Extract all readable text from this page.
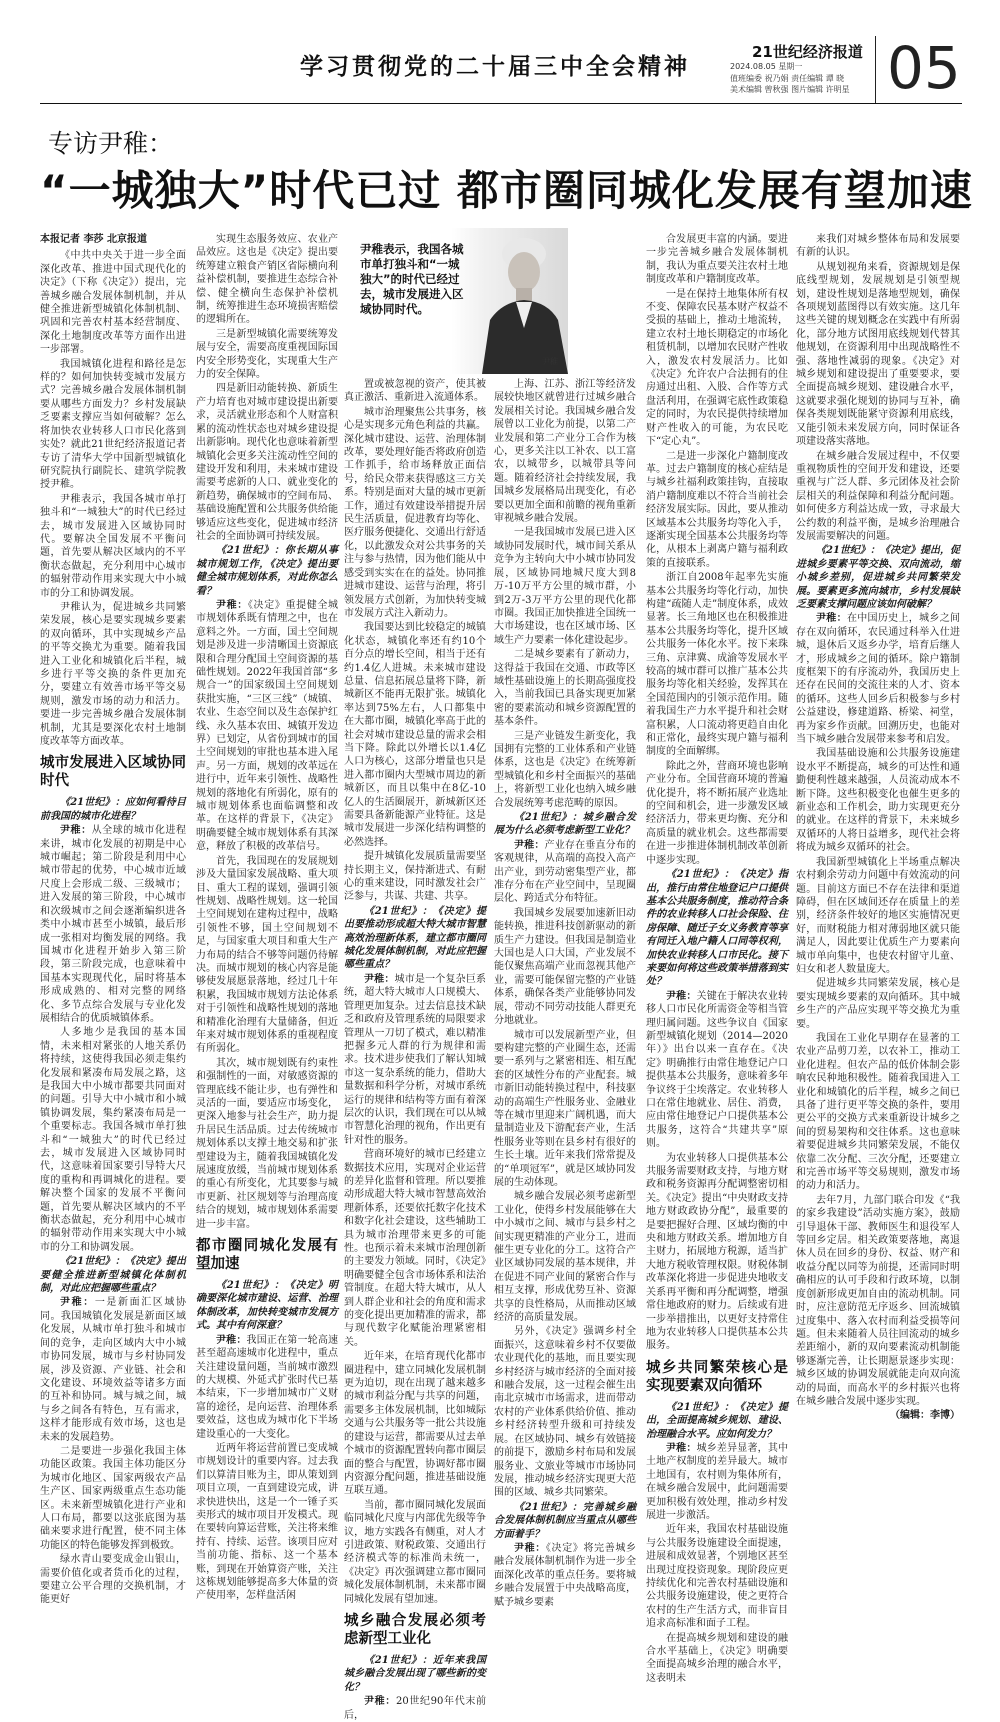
学习贯彻党的二十届三中全会精神
21世纪经济报道
2024.08.05 星期一
值班编委 祝乃娟 责任编辑 谭 晓
美术编辑 曾秋强 图片编辑 许明星 05
专访尹稚：
“一城独大”时代已过 都市圈同城化发展有望加速

本报记者 李莎 北京报道

《中共中央关于进一步全面深化改革、推进中国式现代化的决定》（下称《决定》）提出，完善城乡融合发展体制机制，并从健全推进新型城镇化体制机制、巩固和完善农村基本经营制度、深化土地制度改革等方面作出进一步部署。

我国城镇化进程和路径是怎样的？如何加快转变城市发展方式？完善城乡融合发展体制机制要从哪些方面发力？乡村发展缺乏要素支撑应当如何破解？怎么将加快农业转移人口市民化落到实处？就此21世纪经济报道记者专访了清华大学中国新型城镇化研究院执行副院长、建筑学院教授尹稚。

尹稚表示，我国各城市单打独斗和“一城独大”的时代已经过去，城市发展进入区域协同时代。要解决全国发展不平衡问题，首先要从解决区域内的不平衡状态做起，充分利用中心城市的辐射带动作用来实现大中小城市的分工和协调发展。

尹稚认为，促进城乡共同繁荣发展，核心是要实现城乡要素的双向循环，其中实现城乡产品的平等交换尤为重要。随着我国进入工业化和城镇化后半程，城乡进行平等交换的条件更加充分，要建立有效善市场平等交易规则，激发市场的动力和活力。要进一步完善城乡融合发展体制机制，尤其是要深化农村土地制度改革等方面改革。

城市发展进入区域协同时代

《21世纪》：应如何看待目前我国的城市化进程？

尹稚：从全球的城市化进程来讲，城市化发展的初期是中心城市崛起；第二阶段是利用中心城市带起的优势，中心城市近域尺度上会形成二级、三级城市；进入发展的第三阶段，中心城市和次级城市之间会逐渐编织进各类中小城市甚至小城镇，最后形成一张相对均衡发展的网络。我国城市化进程开始步入第三阶段，第三阶段完成，也意味着中国基本实现现代化，届时将基本形成成熟的、相对完整的网络化、多节点综合发展与专业化发展相结合的优质城镇体系。

人多地少是我国的基本国情，未来相对紧张的人地关系仍将持续，这使得我国必须走集约化发展和紧凑布局发展之路，这是我国大中小城市都要共同面对的问题。引导大中小城市和小城镇协调发展，集约紧凑布局是一个重要标志。我国各城市单打独斗和“一城独大”的时代已经过去，城市发展进入区域协同时代，这意味着国家要引导特大尺度的重构和再调城化的进程。要解决整个国家的发展不平衡问题，首先要从解决区域内的不平衡状态做起，充分利用中心城市的辐射带动作用来实现大中小城市的分工和协调发展。

《21世纪》：《决定》提出要健全推进新型城镇化体制机制，对此应把握哪些重点？

尹稚：一是新面汇区域协同。我国城镇化发展是新面区域化发展，从城市单打独斗和城市间的竞争，走向区域内大中小城市协同发展，城市与乡村协同发展，涉及资源、产业链、社会和文化建设、环境效益等诸多方面的互补和协同。城与城之间，城与乡之间各有特色，互有需求，这样才能形成有效市场，这也是未来的发展趋势。

二是要进一步强化我国主体功能区政策。我国主体功能区分为城市化地区、国家两级农产品生产区、国家两级重点生态功能区。未来新型城镇化进行产业和人口布局，都要以这张底图为基础来要求进行配置，使不同主体功能区的特色能够发挥到极致。

绿水青山要变成金山银山，需要价值化或者货币化的过程，要建立公平合理的交换机制，才能更好

实现生态服务效应、农业产品效应。这也是《决定》提出要统筹建立粮食产销区省际横向利益补偿机制，要推进生态综合补偿、健全横向生态保护补偿机制，统筹推进生态环境损害赔偿的逻辑所在。

三是新型城镇化需要统筹发展与安全，需要高度重视国际国内安全形势变化，实现重大生产力的安全保障。

四是新旧动能转换、新质生产力培育也对城市建设提出新要求，灵活就业形态和个人财富积累的流动性状态也对城乡建设提出新影响。现代化也意味着新型城镇化会更多关注流动性空间的建设开发和利用，未来城市建设需要考虑新的人口、就业变化的新趋势，确保城市的空间布局、基础设施配置和公共服务供给能够适应这些变化，促进城市经济社会的全面协调可持续发展。

《21世纪》：你长期从事城市规划工作，《决定》提出要健全城市规划体系，对此你怎么看？

尹稚：《决定》重提健全城市规划体系既有情理之中，也在意料之外。一方面，国土空间规划是涉及进一步清晰国土资源底限和合理分配国土空间资源的基础性规划。2022年我国首部“多规合一”的国家级国土空间规划获批实施，“三区三线”（城镇、农业、生态空间以及生态保护红线、永久基本农田、城镇开发边界）已划定，从省份到城市的国土空间规划的审批也基本进入尾声。另一方面，规划的改革远在进行中，近年来引领性、战略性规划的落地化有所弱化，原有的城市规划体系也面临调整和改革。在这样的背景下，《决定》明确要健全城市规划体系有其深意，释放了积极的改革信号。

首先，我国现在的发展规划涉及大量国家发展战略、重大项目、重大工程的谋划，强调引领性规划、战略性规划。这一轮国土空间规划在建构过程中，战略引领性不够，国土空间规划不足，与国家重大项目和重大生产力布局的结合不够等问题仍待解决。而城市规划的核心内容是能够使发展愿景落地，经过几十年积累，我国城市规划方法论体系对于引领性和战略性规划的落地和精准化治理有大量储备，但近年来对城市规划体系的重视程度有所弱化。

其次，城市规划既有约束性和强制性的一面，对敏感资源的管理底线不能让步，也有弹性和灵活的一面，要适应市场变化，更深入地参与社会生产，助力提升居民生活品质。过去传统城市规划体系以支撑土地交易和扩张型建设为主，随着我国城镇化发展速度放缓，当前城市规划体系的重心有所变化，尤其要参与城市更新、社区规划等与治理高度结合的规划，城市规划体系需要进一步丰富。

都市圈同城化发展有望加速

《21世纪》：《决定》明确要深化城市建设、运营、治理体制改革，加快转变城市发展方式。其中有何深意？

尹稚：我国正在第一轮高速甚至超高速城市化进程中，重点关注建设量问题，当前城市激烈的大规模、外延式扩张时代已基本结束，下一步增加城市广义财富的途径，是向运营、治理体系要效益，这也成为城市化下半场建设重心的一大变化。

近两年将运营前置已变成城市规划设计的重要内容。过去我们以算清目账为主，即从策划到项目立项，一直到建设完成，讲求快进快出，这是一个一锤子买卖形式的城市项目开发模式。现在要转向算运营账，关注将来维持有、持续、运营。该项目应对当前功能、指标、这一个基本账，到现在开始算资产账，关注这栋规划能够提高多大体量的资产使用率，怎样盘活闲

尹稚表示，我国各城市单打独斗和“一城独大”的时代已经过去，城市发展进入区域协同时代。
尹稚

置或被忽视的资产，使其被真正激活、重新进入流通体系。

城市治理聚焦公共事务，核心是实现多元角色利益的共赢。深化城市建设、运营、治理体制改革，要处理好能否将政府创造工作抓手，给市场释放正面信号，给民众带来获得感这三方关系。特别是面对大量的城市更新工作，通过有效建设举措提升居民生活质量，促进教育均等化、医疗服务便捷化、交通出行舒适化，以此激发众对公共事务的关注与参与热情，因为他们能从中感受到实实在在的益处。协同推进城市建设、运营与治理，将引领发展方式创新，为加快转变城市发展方式注入新动力。

我国要达到比较稳定的城镇化状态，城镇化率还有约10个百分点的增长空间，相当于还有约1.4亿人进城。未来城市建设总量、信息拓展总量将下降，新城新区不能再无限扩张。城镇化率达到75%左右，人口都集中在大都市圈，城镇化率高于此的社会对城市建设总量的需求会相当下降。除此以外增长以1.4亿人口为核心，这部分增量也只是进入都市圈内大型城市周边的新城新区，而且以集中在8亿-10亿人的生活圈展开，新城新区还需要具备新能源产业特征。这是城市发展进一步深化结构调整的必然选择。

提升城镇化发展质量需要坚持长期主义，保持渐进式、有耐心的重来建设，同时激发社会广泛参与，共谋、共建、共享。

《21世纪》：《决定》提出要推动形成超大特大城市智慧高效治理新体系，建立都市圈同城化发展体制机制，对此应把握哪些重点？

尹稚：城市是一个复杂巨系统，超大特大城市人口规模大、管理更加复杂。过去信息技术缺乏和政府及管理系统的局限要求管理从一刀切了模式，难以精准把握多元人群的行为规律和需求。技术进步使我们了解认知城市这一复杂系统的能力，借助大量数据和科学分析，对城市系统运行的规律和结构等方面有着深层次的认识，我们现在可以从城市智慧化治理的视角，作出更有针对性的服务。

营商环境好的城市已经建立数据技术应用，实现对企业运营的差异化监督和管理。所以要推动形成超大特大城市智慧高效治理新体系，还要依托数字化技术和数字化社会建设，这些辅助工具为城市治理带来更多的可能性。也预示着未来城市治理创新的主要发力领域。同时，《决定》明确要健全包含市场体系和法治管制度。在超大特大城市，从人到人群企业和社会的角度和需求的变化提出更加精准的需求，都与现代数字化赋能治理紧密相关。

近年来，在培育现代化都市圈进程中，建立同城化发展机制更为迫切，现在出现了越来越多的城市利益分配与共享的问题，需要多主体发展机制，比如城际交通与公共服务等一批公共设施的建设与运营，都需要从过去单个城市的资源配置转向都市圈层面的整合与配置，协调好都市圈内资源分配问题，推进基础设施互联互通。

当前，都市圈同城化发展面临同城化尺度与内部优先级等争议，地方实践各有侧重，对人才引进政策、财税政策、交通出行经济模式等的标准尚未统一，《决定》再次强调建立都市圈同城化发展体制机制，未来都市圈同城化发展有望加速。

城乡融合发展必须考虑新型工业化

《21世纪》：近年来我国城乡融合发展出现了哪些新的变化？

尹稚：20世纪90年代末前后，

上海、江苏、浙江等经济发展较快地区就曾进行过城乡融合发展相关讨论。我国城乡融合发展曾以工业化为前提，以第二产业发展和第二产业分工合作为核心，更多关注以工补农、以工富农，以城带乡，以城带具等问题。随着经济社会持续发展，我国城乡发展格局出现变化，有必要以更加全面和前瞻的视角重新审视城乡融合发展。

一是我国城市发展已进入区域协同发展时代，城市间关系从竞争为主转向大中小城市协同发展，区域协同地城尺度大到8万-10万平方公里的城市群，小到2万-3万平方公里的现代化都市圈。我国正加快推进全国统一大市场建设，也在区域市场、区域生产力要素一体化建设起步。

二是城乡要素有了新动力，这得益于我国在交通、市政等区域性基础设施上的长期高强度投入，当前我国已具备实现更加紧密的要素流动和城乡资源配置的基本条件。

三是产业链发生新变化，我国拥有完整的工业体系和产业链体系，这也是《决定》在统筹新型城镇化和乡村全面振兴的基础上，将新型工业化也纳入城乡融合发展统筹考虑范畴的原因。

《21世纪》：城乡融合发展为什么必须考虑新型工业化？

尹稚：产业存在垂直分布的客观规律，从高端的高投入高产出产业，到劳动密集型产业，都准存分布在产业空间中，呈现圈层化、跨适式分布特征。

我国城乡发展要加速新旧动能转换，推进科技创新驱动的新质生产力建设。但我国是制造业大国也是人口大国，产业发展不能仅聚焦高端产业而忽视其他产业，需要可能保留完整的产业链体系，确保各类产业能够协同发展，带动不同劳动技能人群更充分地就业。

城市可以发展新型产业，但要构建完整的产业圈生态，还需要一系列与之紧密相连、相互配套的区域性分布的产业配套。城市新旧动能转换过程中，科技驱动的高端生产性服务业、金融业等在城市里迎来广阔机遇，而大量制造业及下游配套产业，生活性服务业等则在县乡村有很好的生长土壤。近年来我们常常提及的“单项冠军”，就是区域协同发展的生动体现。

城乡融合发展必须考虑新型工业化，使得乡村发展能够在大中小城市之间、城市与县乡村之间实现更精准的产业分工，进而催生更专业化的分工。这符合产业区域协同发展的基本规律，并在促进不同产业间的紧密合作与相互支撑，形成优势互补、资源共享的良性格局，从而推动区域经济的高质量发展。

另外，《决定》强调乡村全面振兴，这意味着乡村不仅要做农业现代化的基地，而且要实现乡村经济与城市经济的全面对接和融合发展，这一过程会催生出南北京城市市场需求，进而带动农村的产业体系供给价值、推动乡村经济转型升级和可持续发展。在区域协同、城乡有效链接的前提下，激励乡村布局和发展服务业、文旅业等城市市场协同发展，推动城乡经济实现更大范围的区域、城乡共同繁荣。

《21世纪》：完善城乡融合发展体制机制应当重点从哪些方面着手？

尹稚：《决定》将完善城乡融合发展体制机制作为进一步全面深化改革的重点任务。要将城乡融合发展置于中央战略高度，赋予城乡要素

合发展更丰富的内涵。要进一步完善城乡融合发展体制机制，我认为重点要关注农村土地制度改革和户籍制度改革。

一是在保持土地集体所有权不变、保障农民基本财产权益不受损的基础上，推动土地流转，建立农村土地长期稳定的市场化租赁机制，以增加农民财产性收入，激发农村发展活力。比如《决定》允许农户合法拥有的住房通过出租、入股、合作等方式盘活利用，在强调宅底性政策稳定的同时，为农民提供持续增加财产性收入的可能，为农民吃下“定心丸”。

二是进一步深化户籍制度改革。过去户籍制度的核心症结是与城乡社福利政策挂钩，直接取消户籍制度难以不符合当前社会经济发展实际。因此，要从推动区域基本公共服务均等化入手，逐渐实现全国基本公共服务均等化，从根本上剥离户籍与福利政策的直接联系。

浙江自2008年起率先实施基本公共服务均等化行动，加快构建“疏随人走”制度体系，成效显著。长三角地区也在积极推进基本公共服务均等化，提升区域公共服务一体化水平。按下来珠三角、京津冀、成渝等发展水平较高的城市群可以推广基本公共服务均等化相关经验，发挥其在全国范围内的引领示范作用。随着我国生产力水平提升和社会财富积累，人口流动将更趋自由化和正常化，最终实现户籍与福利制度的全面解绑。

除此之外，营商环境也影响产业分布。全国营商环境的普遍优化提升，将不断拓展产业选址的空间和机会，进一步激发区域经济活力，带来更均衡、充分和高质量的就业机会。这些都需要在进一步推进体制机制改革创新中逐步实现。

《21世纪》：《决定》指出，推行由常住地登记户口提供基本公共服务制度，推动符合条件的农业转移人口社会保险、住房保障、随迁子女义务教育等享有同迁入地户籍人口同等权利，加快农业转移人口市民化。接下来要如何将这些政策举措落到实处？

尹稚：关键在于解决农业转移人口市民化所需资金等相当管理归属问题。这些争议自《国家新型城镇化规划（2014—2020年）》出台以来一直存在。《决定》明确推行由常住地登记户口提供基本公共服务，意味着多年争议终于尘埃落定。农业转移人口在常住地就业、居住、消费，应由常住地登记户口提供基本公共服务，这符合“共建共享”原则。

为农业转移人口提供基本公共服务需要财政支持，与地方财政和税务资源再分配调整密切相关。《决定》提出“中央财政支持地方财政政协分配”，最重要的是要把握好合理、区域均衡的中央和地方财政关系。增加地方自主财力，拓展地方税源，适当扩大地方税收管理权限。财税体制改革深化将进一步促进央地收支关系再平衡和再分配调整，增强常住地政府的财力。后续或有进一步举措推出，以更好支持常住地为农业转移人口提供基本公共服务。

城乡共同繁荣核心是实现要素双向循环

《21世纪》：《决定》提出，全面提高城乡规划、建设、治理融合水平。应如何发力？

尹稚：城乡差异显著，其中土地产权制度的差异最大。城市土地国有，农村则为集体所有，在城乡融合发展中，此问题需要更加积极有效处理，推动乡村发展进一步激活。

近年来，我国农村基础设施与公共服务设施建设全面提速，进展和成效显著，个别地区甚至出现过度投资现象。现阶段应更持续优化和完善农村基础设施和公共服务设施建设，使之更符合农村的生产生活方式，而非盲目追求高标准和面子工程。

在提高城乡规划和建设的融合水平基础上，《决定》明确要全面提高城乡治理的融合水平，这表明未

来我们对城乡整体布局和发展要有新的认识。

从规划视角来看，资源规划是保底线型规划，发展规划是引领型规划，建设性规划是落地型规划，确保各项规划蓝图得以有效实施。这几年这些关键的规划概念在实践中有所弱化，部分地方试图用底线规划代替其他规划，在资源利用中出现战略性不强、落地性减弱的现象。《决定》对城乡规划和建设提出了重要要求，要全面提高城乡规划、建设融合水平，这就要求强化规划的协同与互补，确保各类规划既能紧守资源利用底线，又能引领未来发展方向，同时保证各项建设落实落地。

在城乡融合发展过程中，不仅要重视物质性的空间开发和建设，还要重视与广泛人群、多元团体及社会阶层相关的利益保障和利益分配问题。如何使多方利益达成一致，寻求最大公约数的利益平衡，是城乡治理融合发展需要解决的问题。

《21世纪》：《决定》提出，促进城乡要素平等交换、双向流动，缩小城乡差别，促进城乡共同繁荣发展。要素更多流向城市，乡村发展缺乏要素支撑问题应该如何破解？

尹稚：在中国历史上，城乡之间存在双向循环，农民通过科举入仕进城，退休后又返乡办学，培育后继人才，形成城乡之间的循环。除户籍制度框架下的有序流动外，我国历史上还存在民间的交流往来的人才、资本的循环。这些人回乡后积极参与乡村公益建设，修建道路、桥梁、祠堂，再为家乡作贡献。回溯历史，也能对当下城乡融合发展带来参考和启发。

我国基础设施和公共服务设施建设水平不断提高，城乡的可达性和通勤便利性越来越强，人员流动成本不断下降。这些积极变化也催生更多的新业态和工作机会，助力实现更充分的就业。在这样的背景下，未来城乡双循环的人将日益增多，现代社会将将成为城乡双循环的社会。

我国新型城镇化上半场重点解决农村剩余劳动力问题中有效流动的问题。目前这方面已不存在法律和渠道障碍，但在区域间还存在质量上的差别，经济条件较好的地区实施情况更好，而财税能力相对薄弱地区就只能满足人，因此要让优质生产力要素向城市单向集中，也使农村留守儿童、妇女和老人数量庞大。

促进城乡共同繁荣发展，核心是要实现城乡要素的双向循环。其中城乡生产的产品应实现平等交换尤为重要。

我国在工业化早期存在显著的工农业产品剪刀差，以农补工，推动工业化进程。但农产品的低价体制会影响农民种地积极性。随着我国进入工业化和城镇化的后半程，城乡之间已具备了进行更平等交换的条件，要用更公平的交换方式来重新设计城乡之间的贸易架构和交往体系。这也意味着要促进城乡共同繁荣发展，不能仅依靠二次分配、三次分配，还要建立和完善市场平等交易规则，激发市场的动力和活力。

去年7月，九部门联合印发《“我的家乡我建设”活动实施方案》，鼓励引导退休干部、教师医生和退役军人等回乡定居。相关政策要落地，离退休人员在回乡的身份、权益、财产和收益分配以同等为前提，还需同时明确相应的认可手段和行政环境，以制度创新形成更加自由的流动机制。同时，应注意防范无序返乡、回流城镇过度集中、落入农村而利益受损等问题。但未来随着人员往回流动的城乡差距缩小，新的双向要素流动机制能够逐渐完善，让长期愿景逐步实现：城乡区域的协调发展就能走向双向流动的局面，而高水平的乡村振兴也将在城乡融合发展中逐步实现。

（编辑：李博）
